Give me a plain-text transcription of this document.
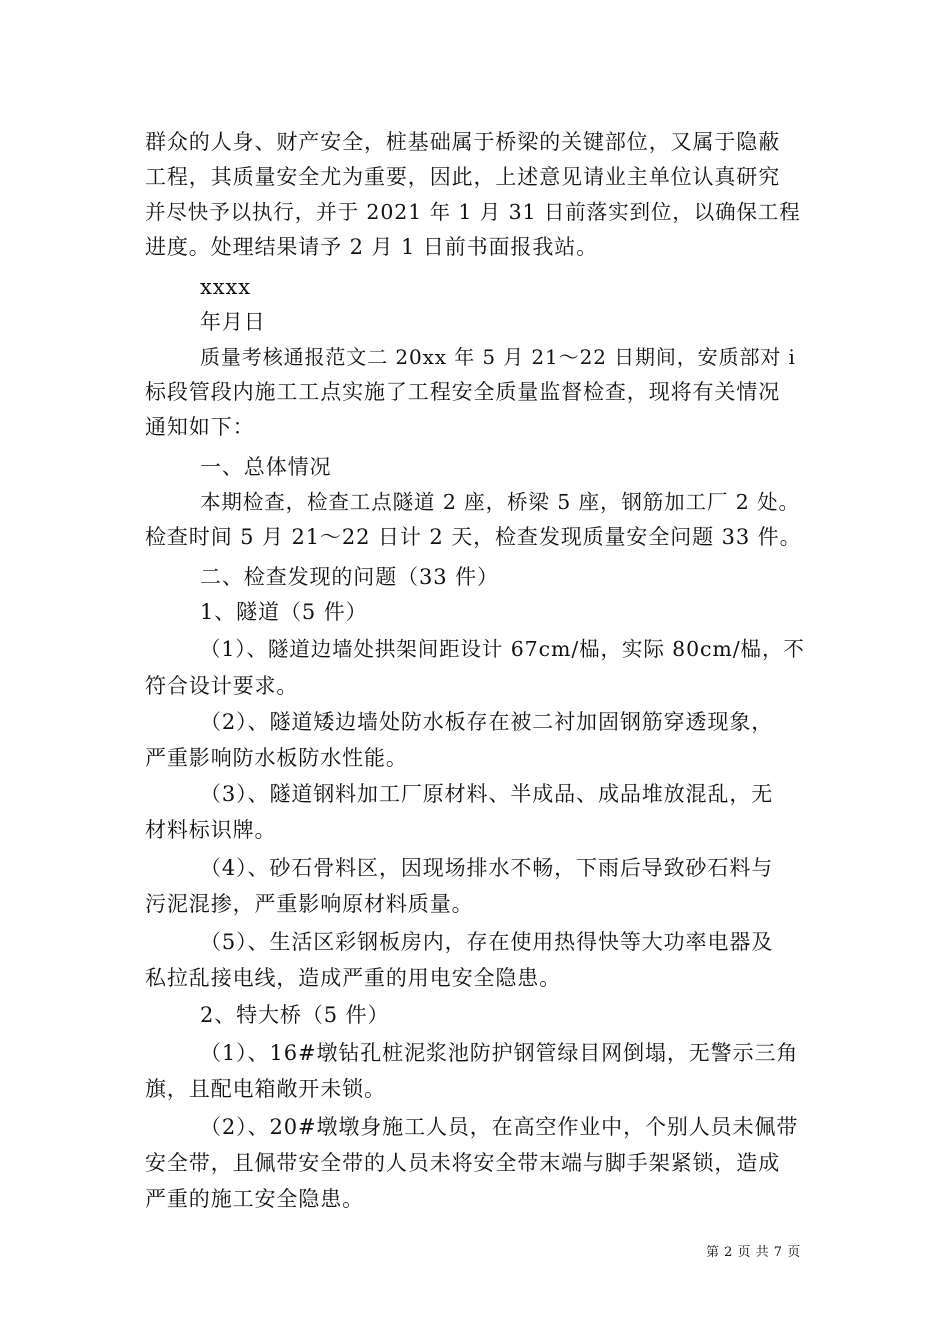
群众的人身、财产安全，桩基础属于桥梁的关键部位，又属于隐蔽
工程，其质量安全尤为重要，因此，上述意见请业主单位认真研究
并尽快予以执行，并于 2021 年 1 月 31 日前落实到位，以确保工程
进度。处理结果请予 2 月 1 日前书面报我站。
xxxx
年月日
质量考核通报范文二 20xx 年 5 月 21～22 日期间，安质部对 i
标段管段内施工工点实施了工程安全质量监督检查，现将有关情况
通知如下：
一、总体情况
本期检查，检查工点隧道 2 座，桥梁 5 座，钢筋加工厂 2 处。
检查时间 5 月 21～22 日计 2 天，检查发现质量安全问题 33 件。
二、检查发现的问题（33 件）
1、隧道（5 件）
（1）、隧道边墙处拱架间距设计 67cm/榀，实际 80cm/榀，不
符合设计要求。
（2）、隧道矮边墙处防水板存在被二衬加固钢筋穿透现象，
严重影响防水板防水性能。
（3）、隧道钢料加工厂原材料、半成品、成品堆放混乱，无
材料标识牌。
（4）、砂石骨料区，因现场排水不畅，下雨后导致砂石料与
污泥混掺，严重影响原材料质量。
（5）、生活区彩钢板房内，存在使用热得快等大功率电器及
私拉乱接电线，造成严重的用电安全隐患。
2、特大桥（5 件）
（1）、16#墩钻孔桩泥浆池防护钢管绿目网倒塌，无警示三角
旗，且配电箱敞开未锁。
（2）、20#墩墩身施工人员，在高空作业中，个别人员未佩带
安全带，且佩带安全带的人员未将安全带末端与脚手架紧锁，造成
严重的施工安全隐患。
第 2 页 共 7 页
